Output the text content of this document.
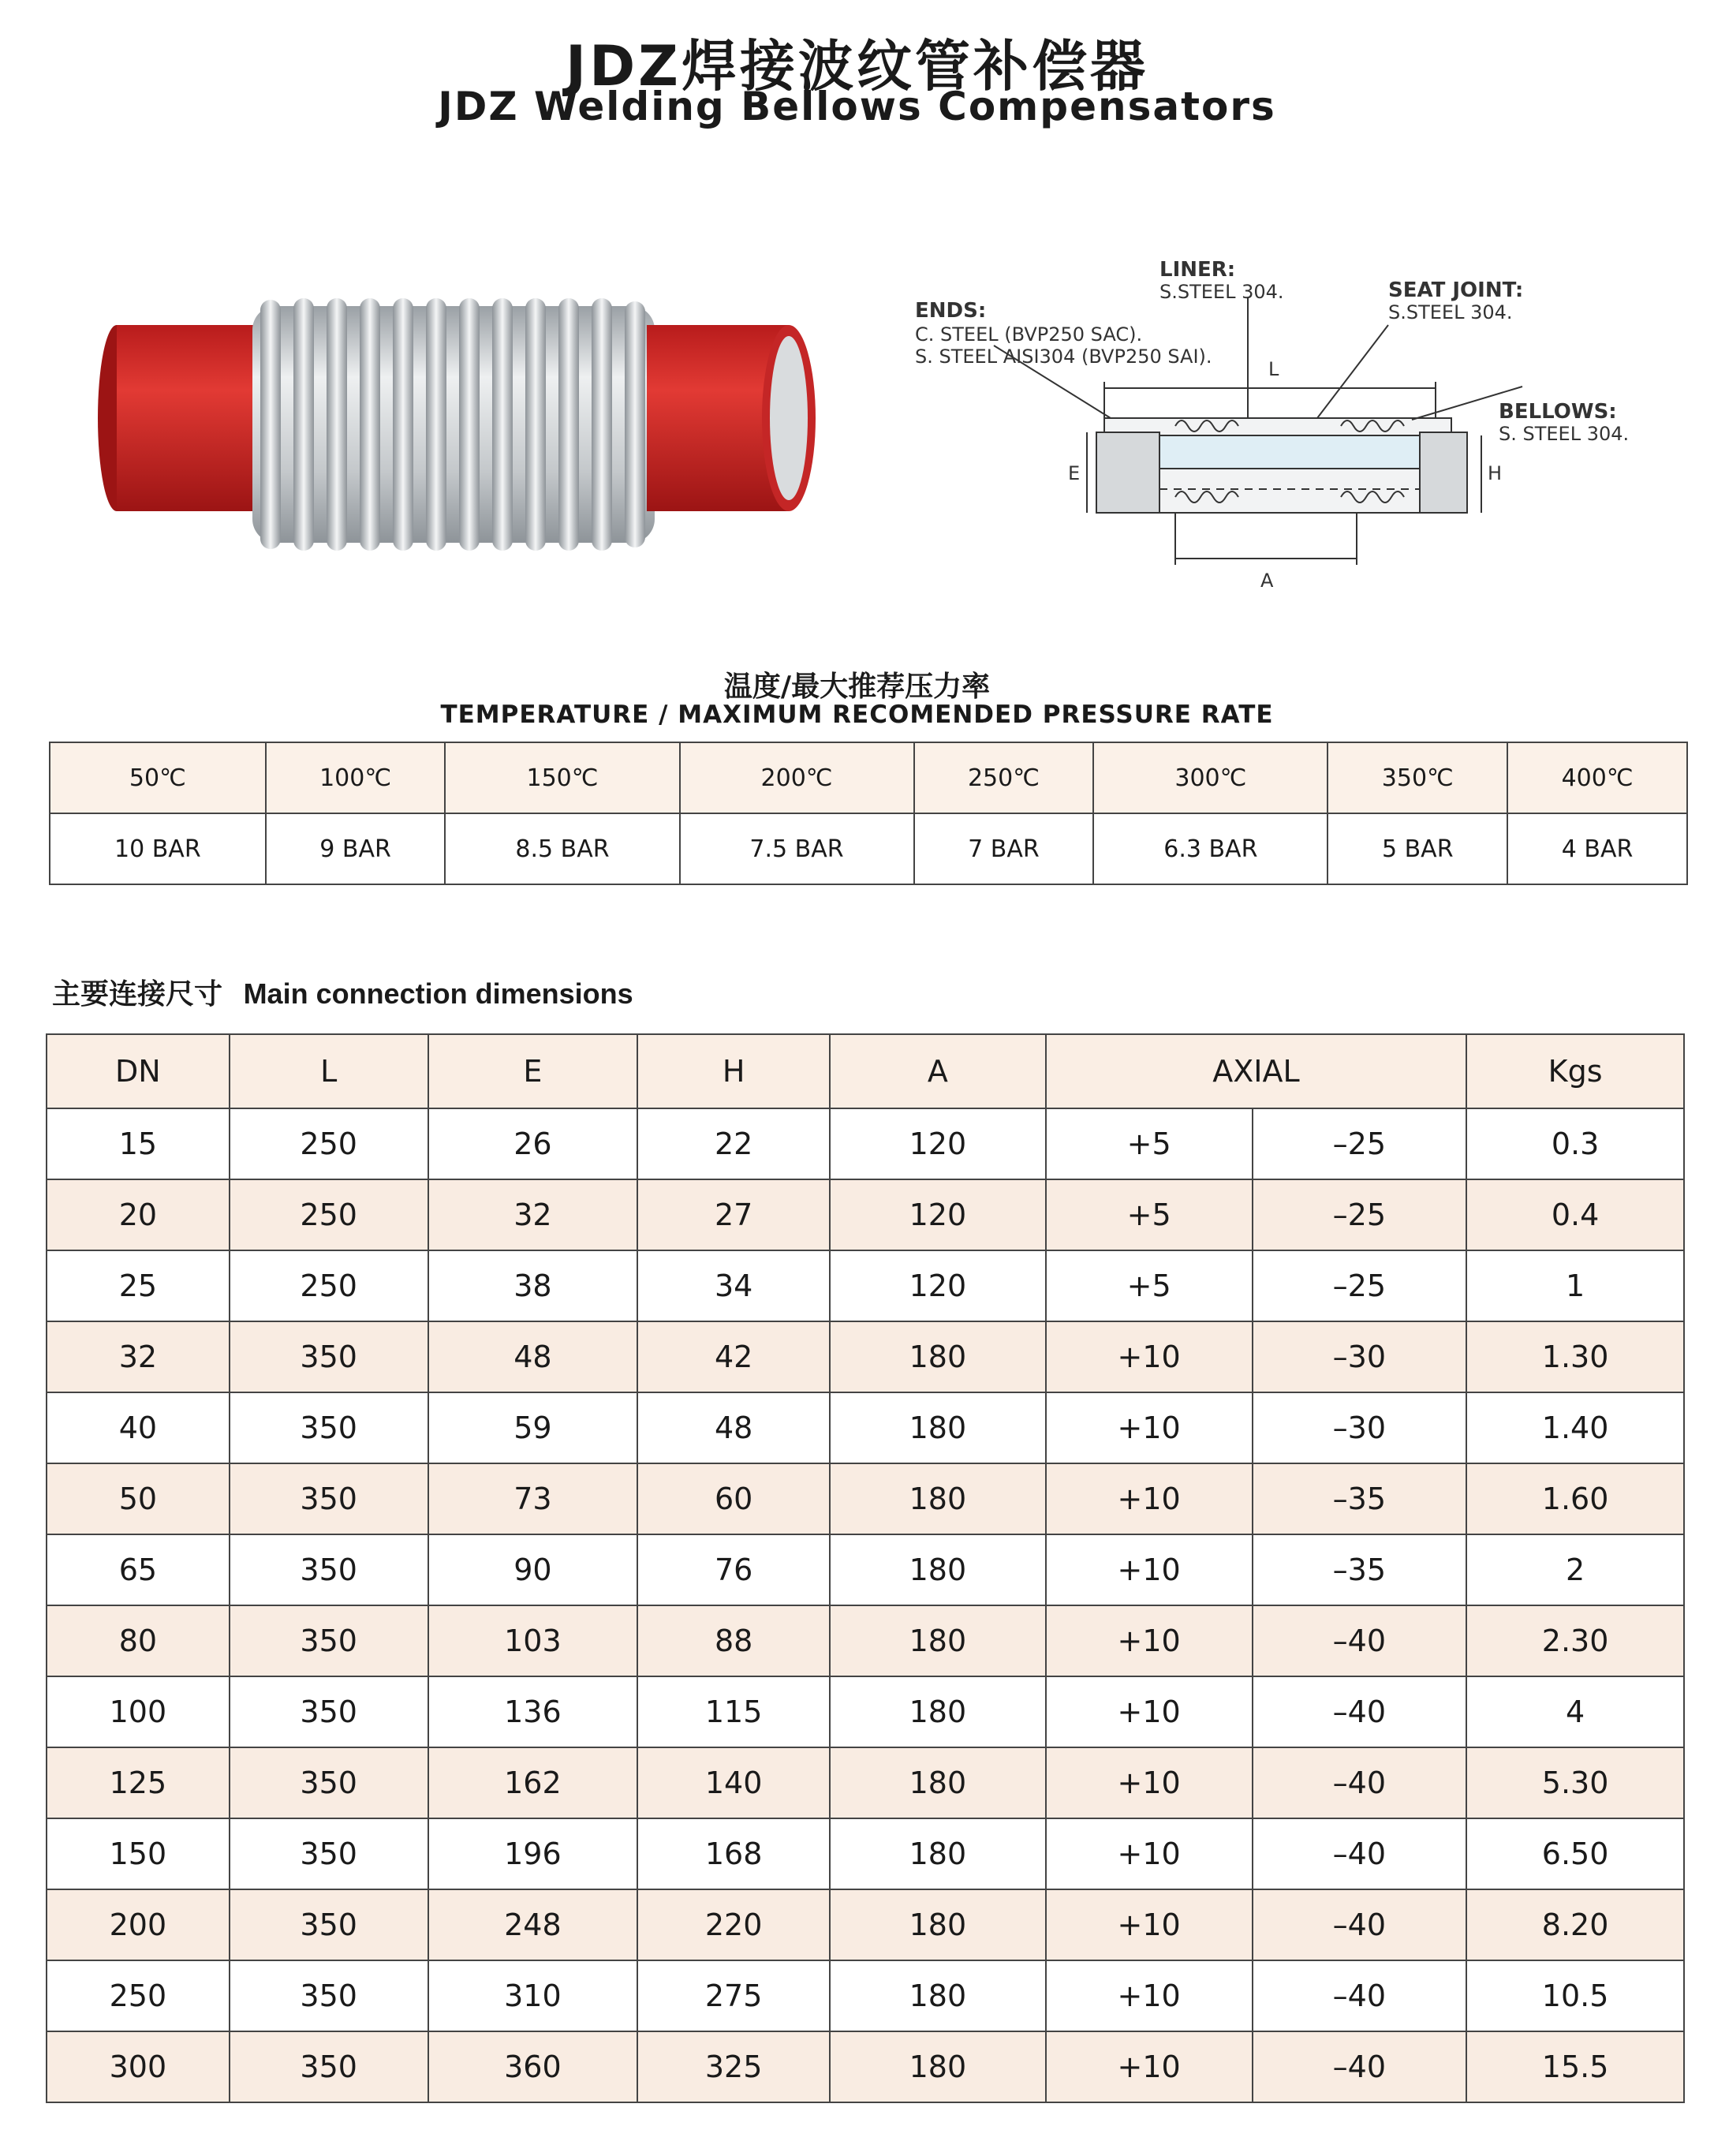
JDZ焊接波纹管补偿器
JDZ Welding Bellows Compensators
ENDS:
C. STEEL (BVP250 SAC).
S. STEEL AISI304 (BVP250 SAI).
LINER:
S.STEEL 304.	SEAT JOINT:
S.STEEL 304.
BELLOWS:
S. STEEL 304.
L
E	H
A
温度/最大推荐压力率
TEMPERATURE / MAXIMUM RECOMENDED PRESSURE RATE
50℃	100℃	150℃	200℃	250℃	300℃	350℃	400℃
10 BAR	9 BAR	8.5 BAR	7.5 BAR	7 BAR	6.3 BAR	5 BAR	4 BAR
主要连接尺寸 Main connection dimensions
DN	L	E	H	A	AXIAL		Kgs
15	250	26	22	120	+5	–25	0.3
20	250	32	27	120	+5	–25	0.4
25	250	38	34	120	+5	–25	1
32	350	48	42	180	+10	–30	1.30
40	350	59	48	180	+10	–30	1.40
50	350	73	60	180	+10	–35	1.60
65	350	90	76	180	+10	–35	2
80	350	103	88	180	+10	–40	2.30
100	350	136	115	180	+10	–40	4
125	350	162	140	180	+10	–40	5.30
150	350	196	168	180	+10	–40	6.50
200	350	248	220	180	+10	–40	8.20
250	350	310	275	180	+10	–40	10.5
300	350	360	325	180	+10	–40	15.5
